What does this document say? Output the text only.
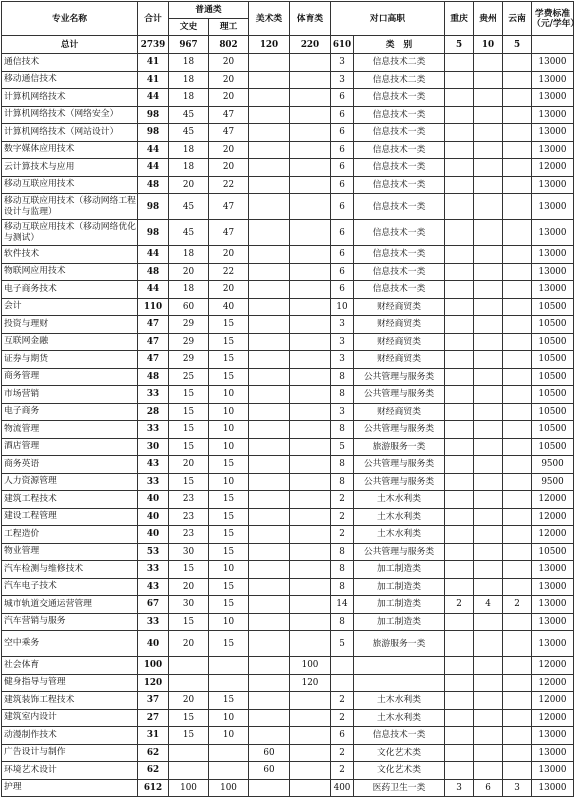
专业名称	合计	普通类		美术类	体育类	对口高职		重庆	贵州	云南	学费标准
（元/学年）
		文史	理工								
总计	2739	967	802	120	220	610	类　别	5	10	5	
通信技术	41	18	20			3	信息技术二类				13000
移动通信技术	41	18	20			3	信息技术二类				13000
计算机网络技术	44	18	20			6	信息技术一类				13000
计算机网络技术（网络安全）	98	45	47			6	信息技术一类				13000
计算机网络技术（网站设计）	98	45	47			6	信息技术一类				13000
数字媒体应用技术	44	18	20			6	信息技术一类				13000
云计算技术与应用	44	18	20			6	信息技术一类				12000
移动互联应用技术	48	20	22			6	信息技术一类				13000
移动互联应用技术（移动网络工程设计与监理）	98	45	47			6	信息技术一类				13000
移动互联应用技术（移动网络优化与测试）	98	45	47			6	信息技术一类				13000
软件技术	44	18	20			6	信息技术一类				13000
物联网应用技术	48	20	22			6	信息技术一类				13000
电子商务技术	44	18	20			6	信息技术一类				13000
会计	110	60	40			10	财经商贸类				10500
投资与理财	47	29	15			3	财经商贸类				10500
互联网金融	47	29	15			3	财经商贸类				10500
证券与期货	47	29	15			3	财经商贸类				10500
商务管理	48	25	15			8	公共管理与服务类				10500
市场营销	33	15	10			8	公共管理与服务类				10500
电子商务	28	15	10			3	财经商贸类				10500
物流管理	33	15	10			8	公共管理与服务类				10500
酒店管理	30	15	10			5	旅游服务一类				10500
商务英语	43	20	15			8	公共管理与服务类				9500
人力资源管理	33	15	10			8	公共管理与服务类				9500
建筑工程技术	40	23	15			2	土木水利类				12000
建设工程管理	40	23	15			2	土木水利类				12000
工程造价	40	23	15			2	土木水利类				12000
物业管理	53	30	15			8	公共管理与服务类				10500
汽车检测与维修技术	33	15	10			8	加工制造类				13000
汽车电子技术	43	20	15			8	加工制造类				13000
城市轨道交通运营管理	67	30	15			14	加工制造类	2	4	2	13000
汽车营销与服务	33	15	10			8	加工制造类				13000
空中乘务	40	20	15			5	旅游服务一类				13000
社会体育	100				100						12000
健身指导与管理	120				120						12000
建筑装饰工程技术	37	20	15			2	土木水利类				12000
建筑室内设计	27	15	10			2	土木水利类				12000
动漫制作技术	31	15	10			6	信息技术一类				13000
广告设计与制作	62			60		2	文化艺术类				13000
环境艺术设计	62			60		2	文化艺术类				13000
护理	612	100	100			400	医药卫生一类	3	6	3	13000
